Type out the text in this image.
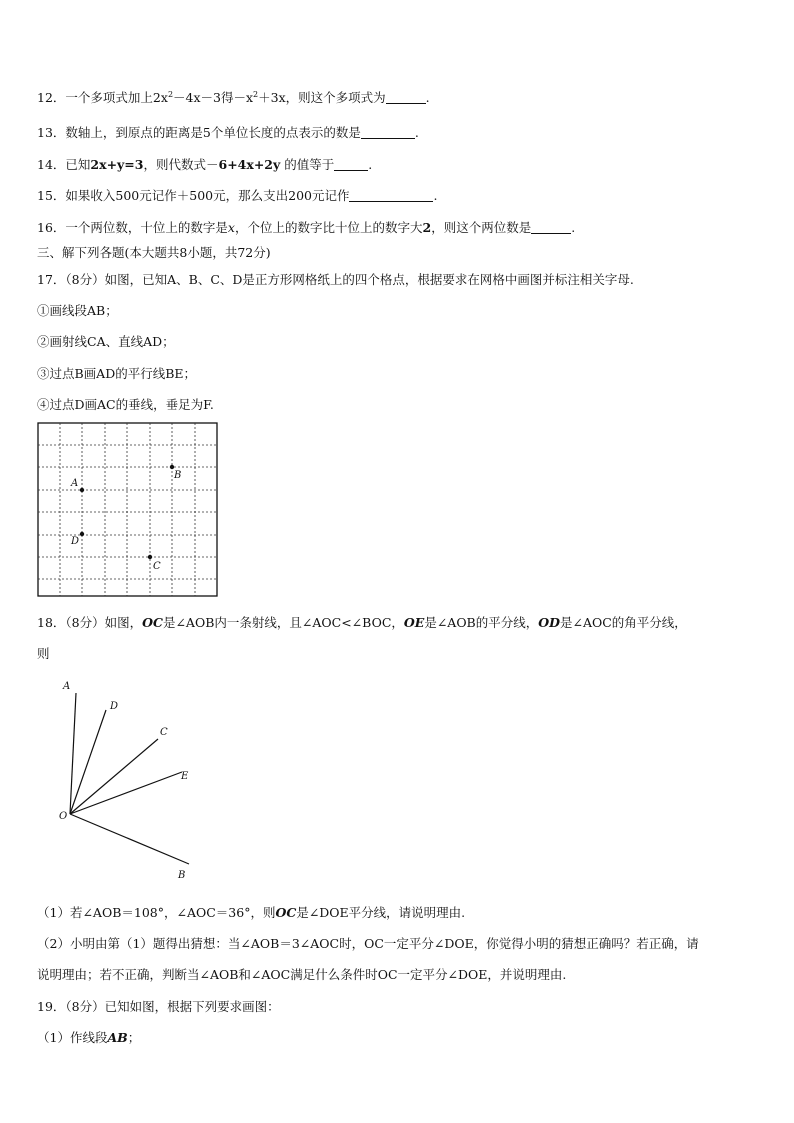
12．一个多项式加上$2x^2-4x-3$得$-x^2+3x$，则这个多项式为	.
13．数轴上，到原点的距离是5个单位长度的点表示的数是	.
14．已知2x+y=3，则代数式－6+4x+2y 的值等于	.
15．如果收入500元记作＋500元，那么支出200元记作	.
16．一个两位数，十位上的数字是x，个位上的数字比十位上的数字大2，则这个两位数是	.
三、解下列各题(本大题共8小题，共72分)
17．（8分）如图，已知A、B、C、D是正方形网格纸上的四个格点，根据要求在网格中画图并标注相关字母.
①画线段AB；
②画射线CA、直线AD；
③过点B画AD的平行线BE；
④过点D画AC的垂线，垂足为F.
A
B
C
D
18．（8分）如图，OC是∠AOB内一条射线，且∠AOC<∠BOC，OE是∠AOB的平分线，OD是∠AOC的角平分线，
则
A
D
C
E
O
B
（1）若∠AOB＝108°，∠AOC＝36°，则OC是∠DOE平分线，请说明理由.
（2）小明由第（1）题得出猜想：当∠AOB＝3∠AOC时，OC一定平分∠DOE，你觉得小明的猜想正确吗？若正确，请
说明理由；若不正确，判断当∠AOB和∠AOC满足什么条件时OC一定平分∠DOE，并说明理由.
19．（8分）已知如图，根据下列要求画图：
（1）作线段AB；
